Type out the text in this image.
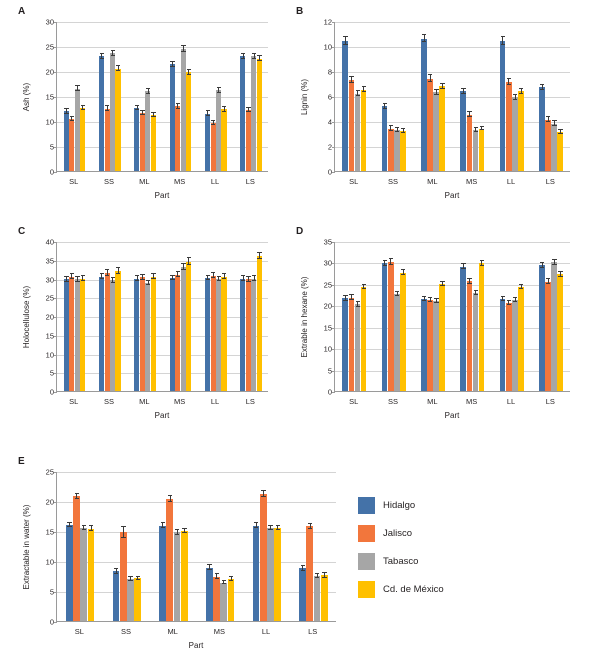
A
0
5
10
15
20
25
30
Ash (%)
SL	SS	ML	MS	LL	LS
Part
B
0
2
4
6
8
10
12
Lignin (%)
SL	SS	ML	MS	LL	LS
Part
C
0
5
10
15
20
25
30
35
40
Holocellulose (%)
SL	SS	ML	MS	LL	LS
Part
D
0
5
10
15
20
25
30
35
Extrable in hexane (%)
SL	SS	ML	MS	LL	LS
Part
E
0
5
10
15
20
25
Extractable in water (%)
SL	SS	ML	MS	LL	LS
Part
Hidalgo
Jalisco
Tabasco
Cd. de México
